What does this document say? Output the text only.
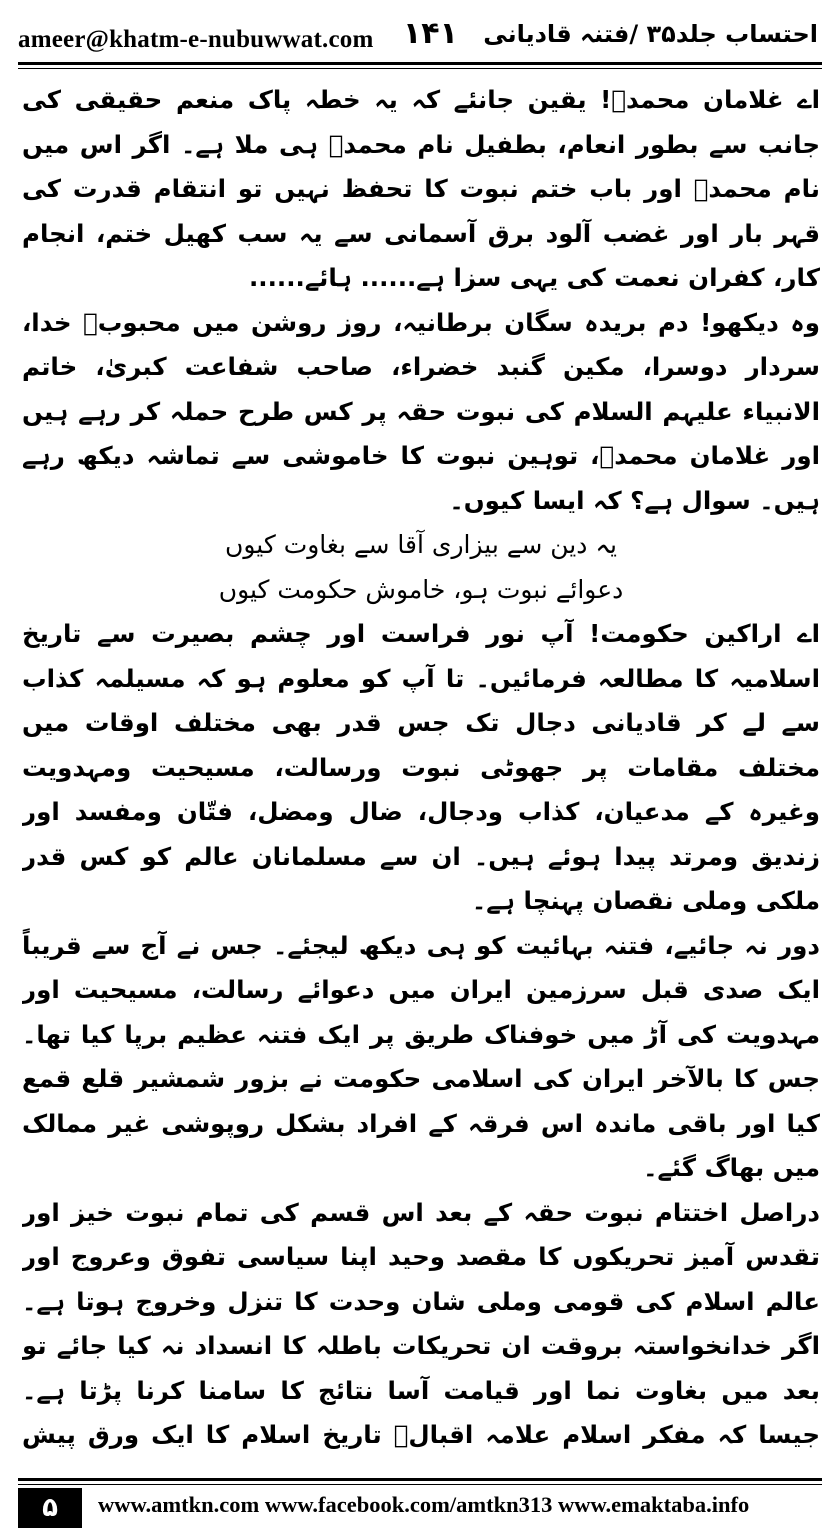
ameer@khatm-e-nubuwwat.com ۱۴۱ احتساب جلد۳۵ /فتنہ قادیانی

اے غلامان محمدؐ! یقین جانئے کہ یہ خطہ پاک منعم حقیقی کی جانب سے بطور انعام، بطفیل نام محمدؐ ہی ملا ہے۔ اگر اس میں نام محمدؐ اور باب ختم نبوت کا تحفظ نہیں تو انتقام قدرت کی قہر بار اور غضب آلود برق آسمانی سے یہ سب کھیل ختم، انجام کار، کفران نعمت کی یہی سزا ہے...... ہائے......

وہ دیکھو! دم بریدہ سگان برطانیہ، روز روشن میں محبوبؐ خدا، سردار دوسرا، مکین گنبد خضراء، صاحب شفاعت کبریٰ، خاتم الانبیاء علیہم السلام کی نبوت حقہ پر کس طرح حملہ کر رہے ہیں اور غلامان محمدؐ، توہین نبوت کا خاموشی سے تماشہ دیکھ رہے ہیں۔ سوال ہے؟ کہ ایسا کیوں۔

یہ دین سے بیزاری آقا سے بغاوت کیوں

دعوائے نبوت ہو، خاموش حکومت کیوں

اے اراکین حکومت! آپ نور فراست اور چشم بصیرت سے تاریخ اسلامیہ کا مطالعہ فرمائیں۔ تا آپ کو معلوم ہو کہ مسیلمہ کذاب سے لے کر قادیانی دجال تک جس قدر بھی مختلف اوقات میں مختلف مقامات پر جھوٹی نبوت ورسالت، مسیحیت ومہدویت وغیرہ کے مدعیان، کذاب ودجال، ضال ومضل، فتّان ومفسد اور زندیق ومرتد پیدا ہوئے ہیں۔ ان سے مسلمانان عالم کو کس قدر ملکی وملی نقصان پہنچا ہے۔

دور نہ جائیے، فتنہ بہائیت کو ہی دیکھ لیجئے۔ جس نے آج سے قریباً ایک صدی قبل سرزمین ایران میں دعوائے رسالت، مسیحیت اور مہدویت کی آڑ میں خوفناک طریق پر ایک فتنہ عظیم برپا کیا تھا۔ جس کا بالآخر ایران کی اسلامی حکومت نے بزور شمشیر قلع قمع کیا اور باقی ماندہ اس فرقہ کے افراد بشکل روپوشی غیر ممالک میں بھاگ گئے۔

دراصل اختتام نبوت حقہ کے بعد اس قسم کی تمام نبوت خیز اور تقدس آمیز تحریکوں کا مقصد وحید اپنا سیاسی تفوق وعروج اور عالم اسلام کی قومی وملی شان وحدت کا تنزل وخروج ہوتا ہے۔ اگر خدانخواستہ بروقت ان تحریکات باطلہ کا انسداد نہ کیا جائے تو بعد میں بغاوت نما اور قیامت آسا نتائج کا سامنا کرنا پڑتا ہے۔ جیسا کہ مفکر اسلام علامہ اقبالؒ تاریخ اسلام کا ایک ورق پیش

۵	www.amtkn.com www.facebook.com/amtkn313 www.emaktaba.info
